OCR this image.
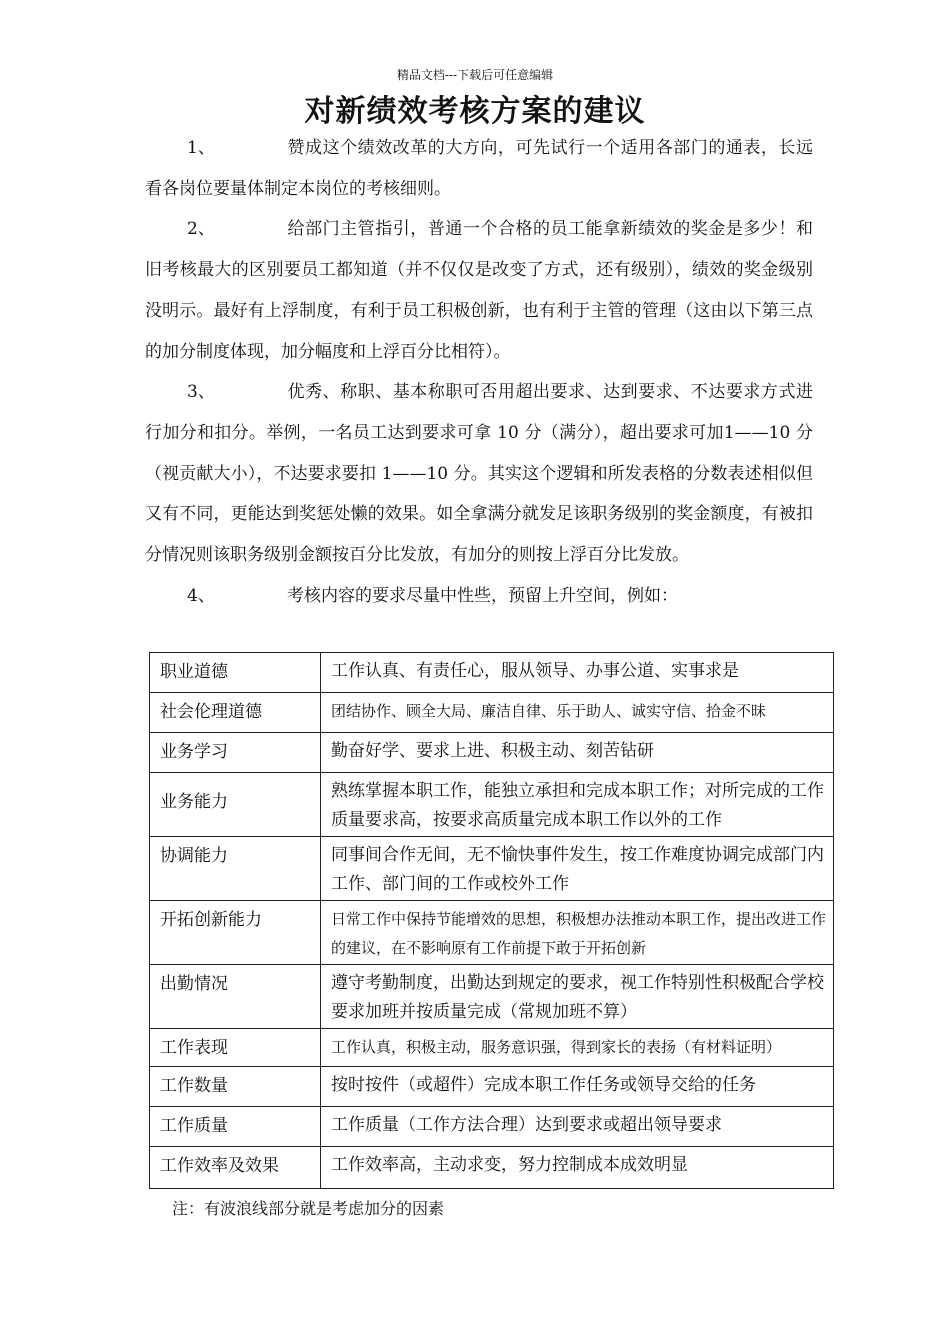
精品文档---下载后可任意编辑
对新绩效考核方案的建议

1、	赞成这个绩效改革的大方向，可先试行一个适用各部门的通表，长远看各岗位要量体制定本岗位的考核细则。

2、	给部门主管指引，普通一个合格的员工能拿新绩效的奖金是多少！和旧考核最大的区别要员工都知道（并不仅仅是改变了方式，还有级别），绩效的奖金级别没明示。最好有上浮制度，有利于员工积极创新，也有利于主管的管理（这由以下第三点的加分制度体现，加分幅度和上浮百分比相符）。

3、	优秀、称职、基本称职可否用超出要求、达到要求、不达要求方式进行加分和扣分。举例，一名员工达到要求可拿 10 分（满分），超出要求可加1——10 分（视贡献大小），不达要求要扣 1——10 分。其实这个逻辑和所发表格的分数表述相似但又有不同，更能达到奖惩处懒的效果。如全拿满分就发足该职务级别的奖金额度，有被扣分情况则该职务级别金额按百分比发放，有加分的则按上浮百分比发放。

4、	考核内容的要求尽量中性些，预留上升空间，例如：

职业道德	工作认真、有责任心，服从领导、办事公道、实事求是
社会伦理道德	团结协作、顾全大局、廉洁自律、乐于助人、诚实守信、拾金不昧
业务学习	勤奋好学、要求上进、积极主动、刻苦钻研
业务能力	熟练掌握本职工作，能独立承担和完成本职工作；对所完成的工作质量要求高，按要求高质量完成本职工作以外的工作
协调能力	同事间合作无间，无不愉快事件发生，按工作难度协调完成部门内工作、部门间的工作或校外工作
开拓创新能力	日常工作中保持节能增效的思想，积极想办法推动本职工作，提出改进工作的建议，在不影响原有工作前提下敢于开拓创新
出勤情况	遵守考勤制度，出勤达到规定的要求，视工作特别性积极配合学校要求加班并按质量完成（常规加班不算）
工作表现	工作认真，积极主动，服务意识强，得到家长的表扬（有材料证明）
工作数量	按时按件（或超件）完成本职工作任务或领导交给的任务
工作质量	工作质量（工作方法合理）达到要求或超出领导要求
工作效率及效果	工作效率高，主动求变，努力控制成本成效明显
注：有波浪线部分就是考虑加分的因素
